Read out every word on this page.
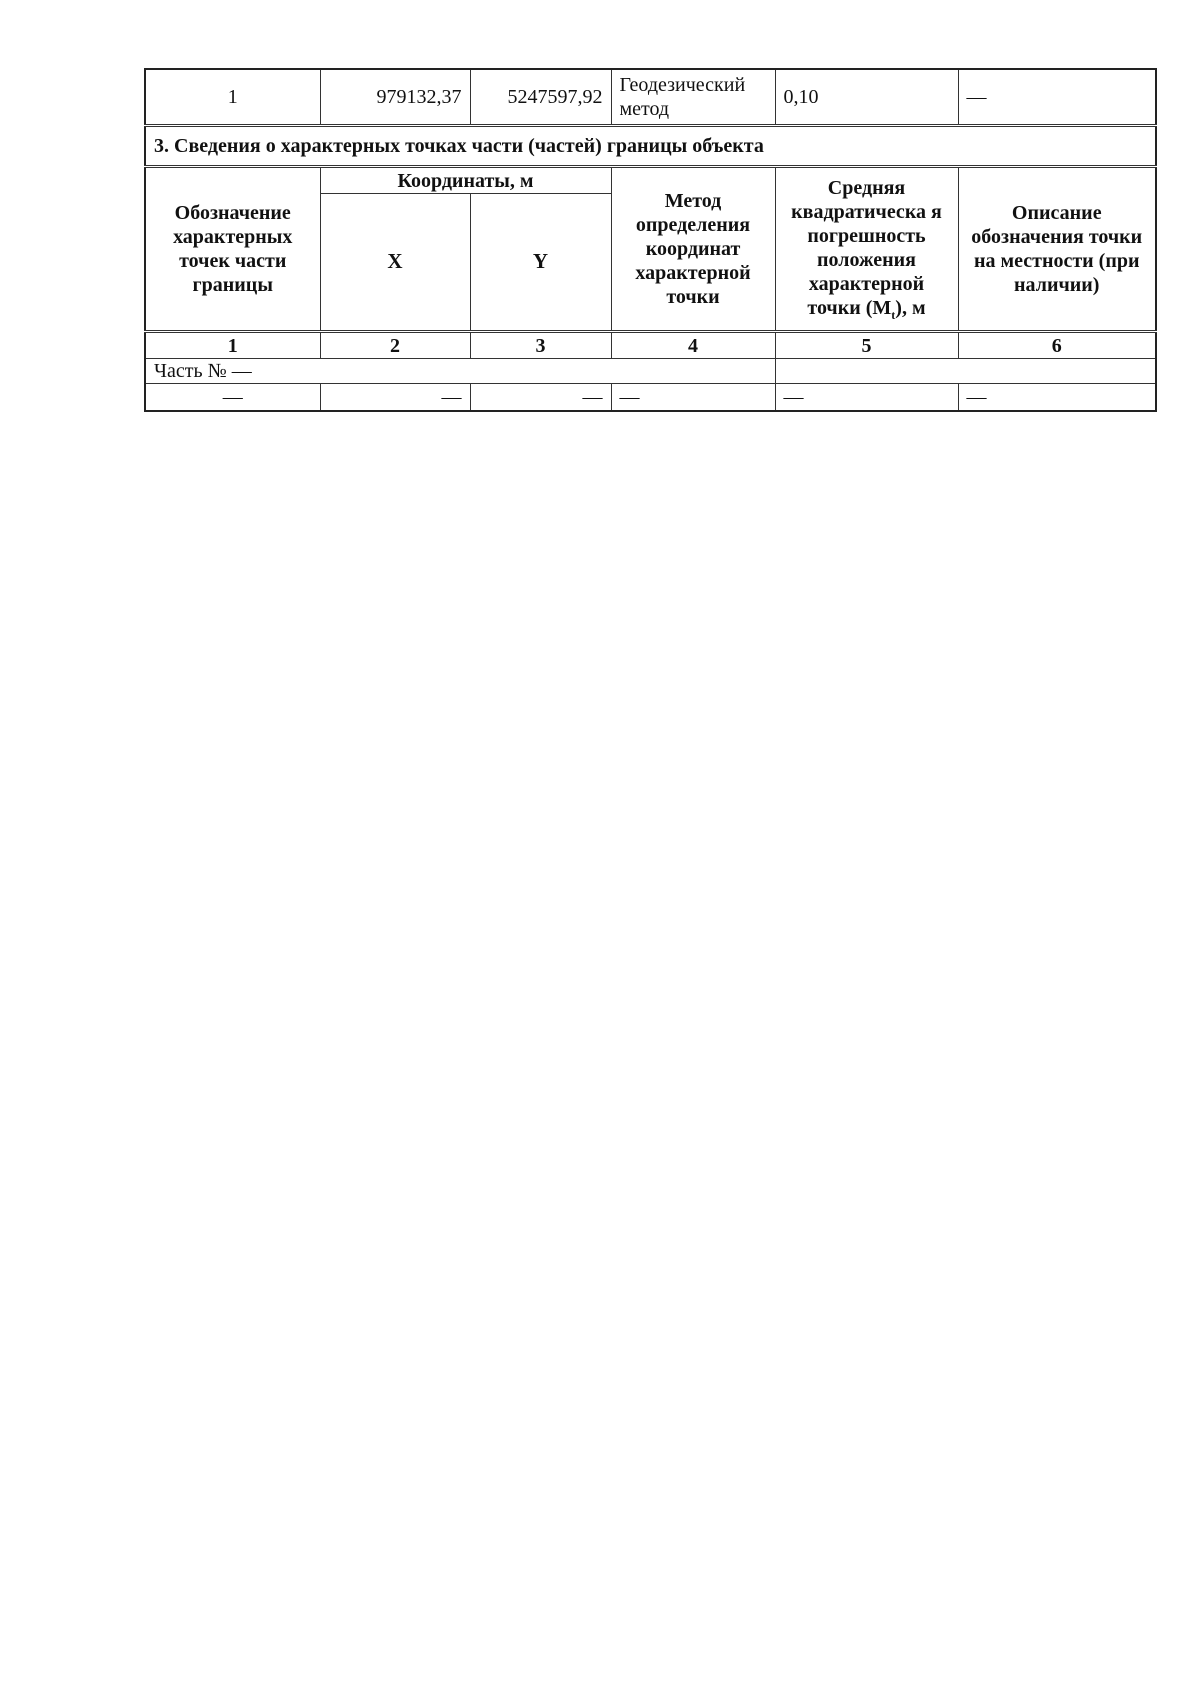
1	979132,37	5247597,92	Геодезический метод	0,10	—
3. Сведения о характерных точках части (частей) границы объекта					
Обозначение характерных точек части границы	Координаты, м		Метод определения координат характерной точки	Средняя квадратическа я погрешность положения характерной точки $(M_t)$, м	Описание обозначения точки на местности (при наличии)
	X	Y			
1	2	3	4	5	6
Часть № —					
—	—	—	—	—	—
